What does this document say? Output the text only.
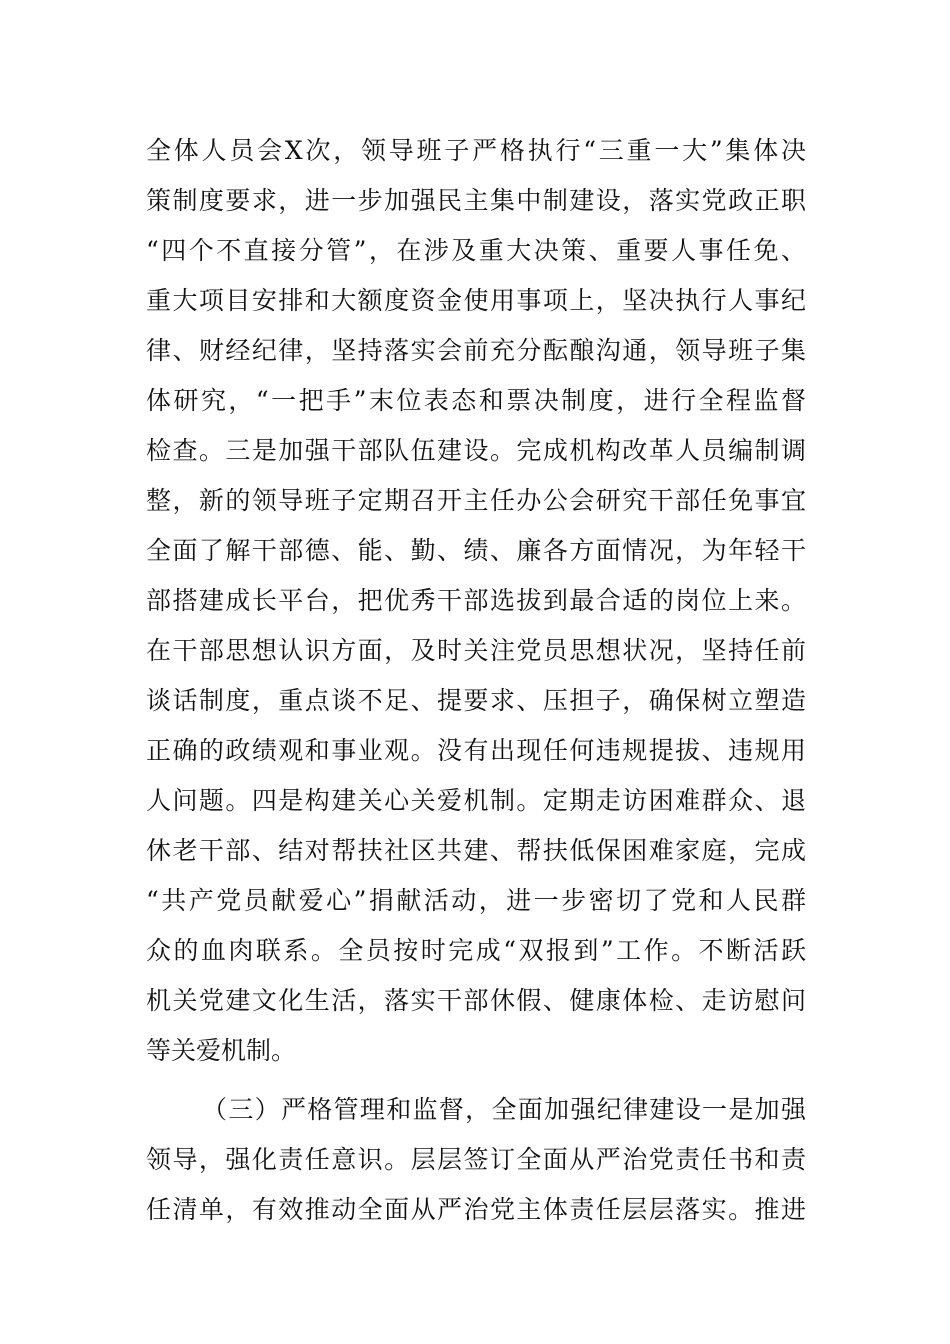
全体人员会X次，领导班子严格执行“三重一大”集体决
策制度要求，进一步加强民主集中制建设，落实党政正职
“四个不直接分管”，在涉及重大决策、重要人事任免、
重大项目安排和大额度资金使用事项上，坚决执行人事纪
律、财经纪律，坚持落实会前充分酝酿沟通，领导班子集
体研究，“一把手”末位表态和票决制度，进行全程监督
检查。三是加强干部队伍建设。完成机构改革人员编制调
整，新的领导班子定期召开主任办公会研究干部任免事宜
全面了解干部德、能、勤、绩、廉各方面情况，为年轻干
部搭建成长平台，把优秀干部选拔到最合适的岗位上来。
在干部思想认识方面，及时关注党员思想状况，坚持任前
谈话制度，重点谈不足、提要求、压担子，确保树立塑造
正确的政绩观和事业观。没有出现任何违规提拔、违规用
人问题。四是构建关心关爱机制。定期走访困难群众、退
休老干部、结对帮扶社区共建、帮扶低保困难家庭，完成
“共产党员献爱心”捐献活动，进一步密切了党和人民群
众的血肉联系。全员按时完成“双报到”工作。不断活跃
机关党建文化生活，落实干部休假、健康体检、走访慰问
等关爱机制。
（三）严格管理和监督，全面加强纪律建设一是加强
领导，强化责任意识。层层签订全面从严治党责任书和责
任清单，有效推动全面从严治党主体责任层层落实。推进
